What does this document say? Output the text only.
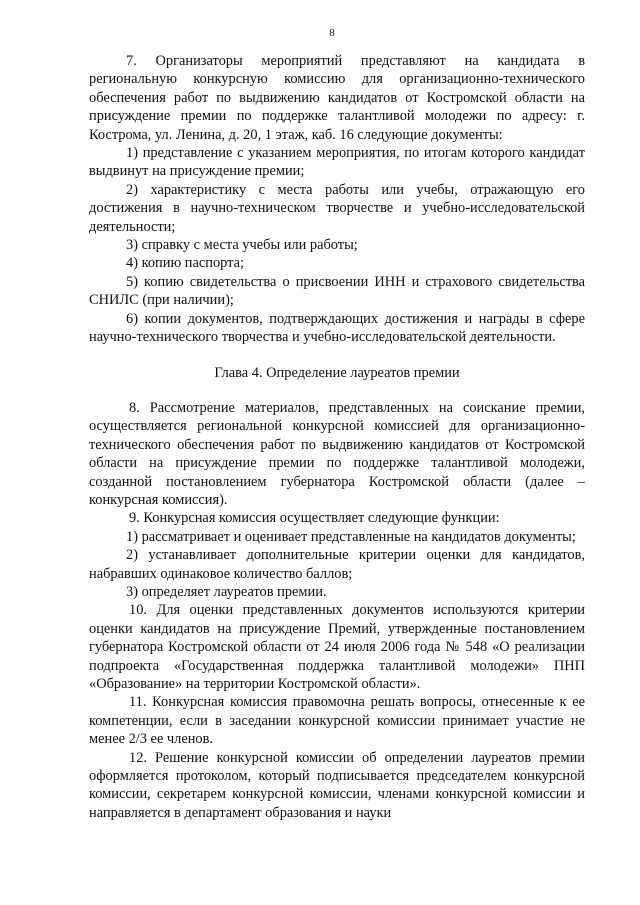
8

7. Организаторы мероприятий представляют на кандидата в региональную конкурсную комиссию для организационно-технического обеспечения работ по выдвижению кандидатов от Костромской области на присуждение премии по поддержке талантливой молодежи по адресу: г. Кострома, ул. Ленина, д. 20, 1 этаж, каб. 16 следующие документы:

1) представление с указанием мероприятия, по итогам которого кандидат выдвинут на присуждение премии;

2) характеристику с места работы или учебы, отражающую его достижения в научно-техническом творчестве и учебно-исследовательской деятельности;

3) справку с места учебы или работы;

4) копию паспорта;

5) копию свидетельства о присвоении ИНН и страхового свидетельства СНИЛС (при наличии);

6) копии документов, подтверждающих достижения и награды в сфере научно-технического творчества и учебно-исследовательской деятельности.

Глава 4. Определение лауреатов премии

8. Рассмотрение материалов, представленных на соискание премии, осуществляется региональной конкурсной комиссией для организационно-технического обеспечения работ по выдвижению кандидатов от Костромской области на присуждение премии по поддержке талантливой молодежи, созданной постановлением губернатора Костромской области (далее – конкурсная комиссия).

9. Конкурсная комиссия осуществляет следующие функции:

1) рассматривает и оценивает представленные на кандидатов документы;

2) устанавливает дополнительные критерии оценки для кандидатов, набравших одинаковое количество баллов;

3) определяет лауреатов премии.

10. Для оценки представленных документов используются критерии оценки кандидатов на присуждение Премий, утвержденные постановлением губернатора Костромской области от 24 июля 2006 года № 548 «О реализации подпроекта «Государственная поддержка талантливой молодежи» ПНП «Образование» на территории Костромской области».

11. Конкурсная комиссия правомочна решать вопросы, отнесенные к ее компетенции, если в заседании конкурсной комиссии принимает участие не менее 2/3 ее членов.

12. Решение конкурсной комиссии об определении лауреатов премии оформляется протоколом, который подписывается председателем конкурсной комиссии, секретарем конкурсной комиссии, членами конкурсной комиссии и направляется в департамент образования и науки
